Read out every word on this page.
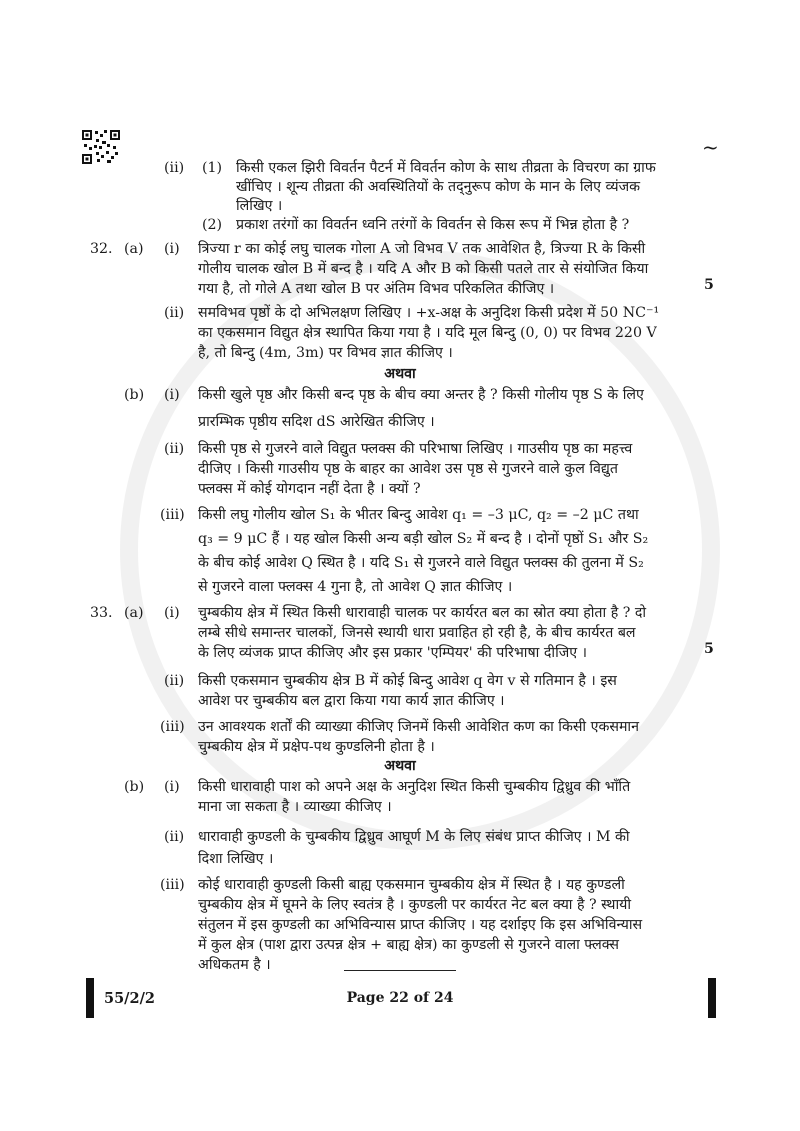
~
(ii) (1) किसी एकल झिरी विवर्तन पैटर्न में विवर्तन कोण के साथ तीव्रता के विचरण का ग्राफ
खींचिए । शून्य तीव्रता की अवस्थितियों के तद्नुरूप कोण के मान के लिए व्यंजक
लिखिए ।
(2) प्रकाश तरंगों का विवर्तन ध्वनि तरंगों के विवर्तन से किस रूप में भिन्न होता है ?
32. (a) (i) त्रिज्या r का कोई लघु चालक गोला A जो विभव V तक आवेशित है, त्रिज्या R के किसी
गोलीय चालक खोल B में बन्द है । यदि A और B को किसी पतले तार से संयोजित किया
गया है, तो गोले A तथा खोल B पर अंतिम विभव परिकलित कीजिए ।	5
(ii) समविभव पृष्ठों के दो अभिलक्षण लिखिए । +x-अक्ष के अनुदिश किसी प्रदेश में 50 NC⁻¹
का एकसमान विद्युत क्षेत्र स्थापित किया गया है । यदि मूल बिन्दु (0, 0) पर विभव 220 V
है, तो बिन्दु (4m, 3m) पर विभव ज्ञात कीजिए ।
अथवा
(b) (i) किसी खुले पृष्ठ और किसी बन्द पृष्ठ के बीच क्या अन्तर है ? किसी गोलीय पृष्ठ S के लिए
प्रारम्भिक पृष्ठीय सदिश dS आरेखित कीजिए ।
(ii) किसी पृष्ठ से गुजरने वाले विद्युत फ्लक्स की परिभाषा लिखिए । गाउसीय पृष्ठ का महत्त्व
दीजिए । किसी गाउसीय पृष्ठ के बाहर का आवेश उस पृष्ठ से गुजरने वाले कुल विद्युत
फ्लक्स में कोई योगदान नहीं देता है । क्यों ?
(iii) किसी लघु गोलीय खोल S₁ के भीतर बिन्दु आवेश q₁ = –3 μC, q₂ = –2 μC तथा
q₃ = 9 μC हैं । यह खोल किसी अन्य बड़ी खोल S₂ में बन्द है । दोनों पृष्ठों S₁ और S₂
के बीच कोई आवेश Q स्थित है । यदि S₁ से गुजरने वाले विद्युत फ्लक्स की तुलना में S₂
से गुजरने वाला फ्लक्स 4 गुना है, तो आवेश Q ज्ञात कीजिए ।
33. (a) (i) चुम्बकीय क्षेत्र में स्थित किसी धारावाही चालक पर कार्यरत बल का स्रोत क्या होता है ? दो
लम्बे सीधे समान्तर चालकों, जिनसे स्थायी धारा प्रवाहित हो रही है, के बीच कार्यरत बल
के लिए व्यंजक प्राप्त कीजिए और इस प्रकार 'एम्पियर' की परिभाषा दीजिए ।	5
(ii) किसी एकसमान चुम्बकीय क्षेत्र B में कोई बिन्दु आवेश q वेग v से गतिमान है । इस
आवेश पर चुम्बकीय बल द्वारा किया गया कार्य ज्ञात कीजिए ।
(iii) उन आवश्यक शर्तों की व्याख्या कीजिए जिनमें किसी आवेशित कण का किसी एकसमान
चुम्बकीय क्षेत्र में प्रक्षेप-पथ कुण्डलिनी होता है ।
अथवा
(b) (i) किसी धारावाही पाश को अपने अक्ष के अनुदिश स्थित किसी चुम्बकीय द्विध्रुव की भाँति
माना जा सकता है । व्याख्या कीजिए ।
(ii) धारावाही कुण्डली के चुम्बकीय द्विध्रुव आघूर्ण M के लिए संबंध प्राप्त कीजिए । M की
दिशा लिखिए ।
(iii) कोई धारावाही कुण्डली किसी बाह्य एकसमान चुम्बकीय क्षेत्र में स्थित है । यह कुण्डली
चुम्बकीय क्षेत्र में घूमने के लिए स्वतंत्र है । कुण्डली पर कार्यरत नेट बल क्या है ? स्थायी
संतुलन में इस कुण्डली का अभिविन्यास प्राप्त कीजिए । यह दर्शाइए कि इस अभिविन्यास
में कुल क्षेत्र (पाश द्वारा उत्पन्न क्षेत्र + बाह्य क्षेत्र) का कुण्डली से गुजरने वाला फ्लक्स
अधिकतम है ।
55/2/2	Page 22 of 24
